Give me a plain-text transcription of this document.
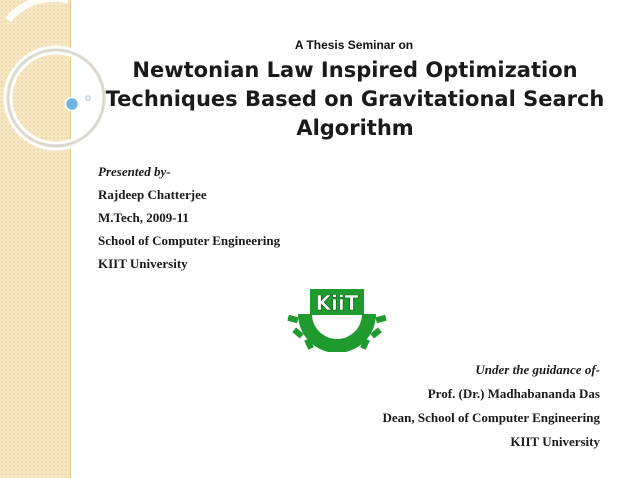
A Thesis Seminar on

Newtonian Law Inspired Optimization
Techniques Based on Gravitational Search
Algorithm
Presented by-
Rajdeep Chatterjee
M.Tech, 2009-11
School of Computer Engineering
KIIT University
KiiT
Under the guidance of-
Prof. (Dr.) Madhabananda Das
Dean, School of Computer Engineering
KIIT University
